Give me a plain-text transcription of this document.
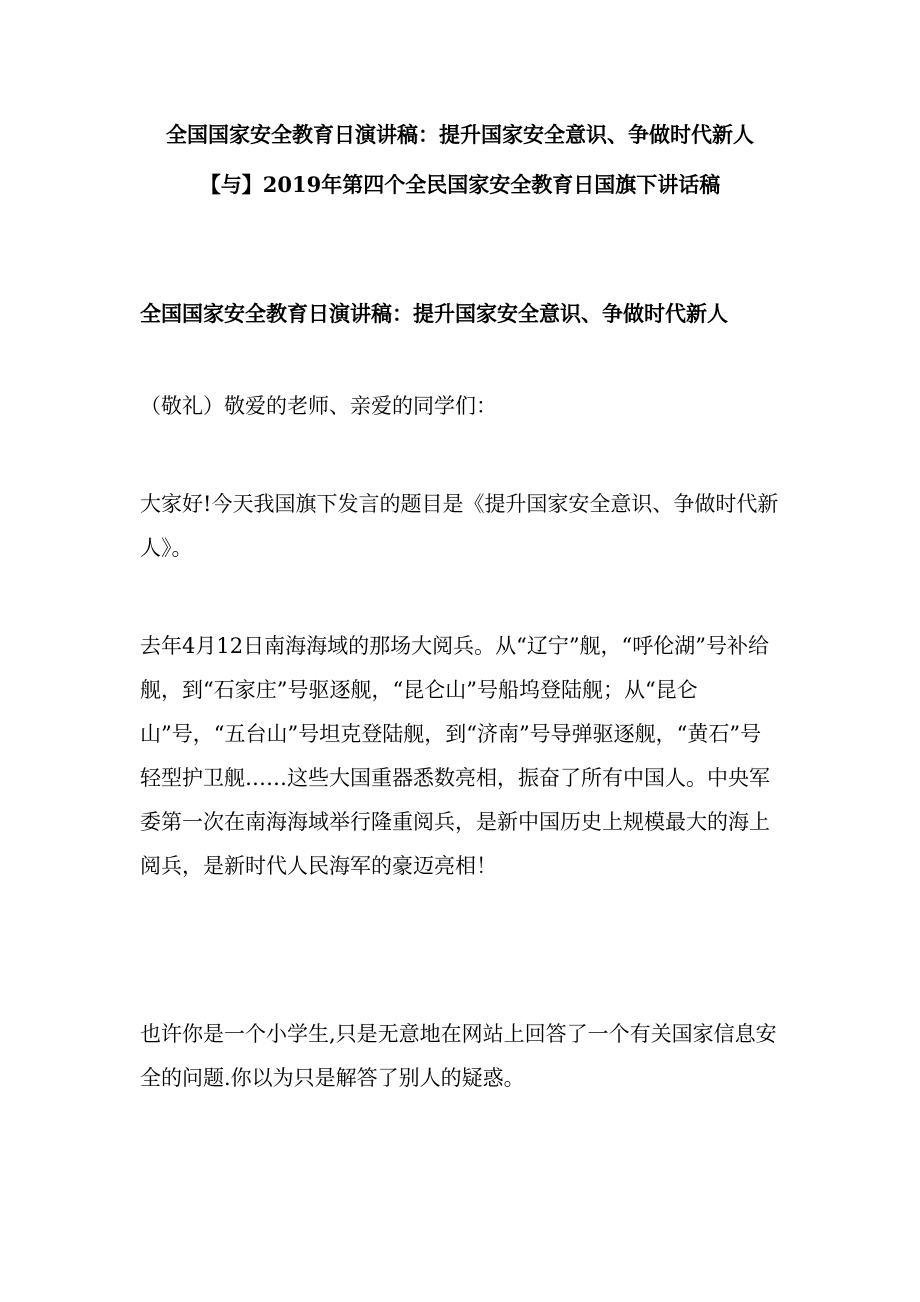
全国国家安全教育日演讲稿：提升国家安全意识、争做时代新人
【与】2019年第四个全民国家安全教育日国旗下讲话稿
全国国家安全教育日演讲稿：提升国家安全意识、争做时代新人
（敬礼）敬爱的老师、亲爱的同学们：
大家好!今天我国旗下发言的题目是《提升国家安全意识、争做时代新人》。
去年4月12日南海海域的那场大阅兵。从“辽宁”舰，“呼伦湖”号补给舰，到“石家庄”号驱逐舰，“昆仑山”号船坞登陆舰；从“昆仑山”号，“五台山”号坦克登陆舰，到“济南”号导弹驱逐舰，“黄石”号轻型护卫舰……这些大国重器悉数亮相，振奋了所有中国人。中央军委第一次在南海海域举行隆重阅兵，是新中国历史上规模最大的海上阅兵，是新时代人民海军的豪迈亮相！
也许你是一个小学生,只是无意地在网站上回答了一个有关国家信息安全的问题.你以为只是解答了别人的疑惑。
